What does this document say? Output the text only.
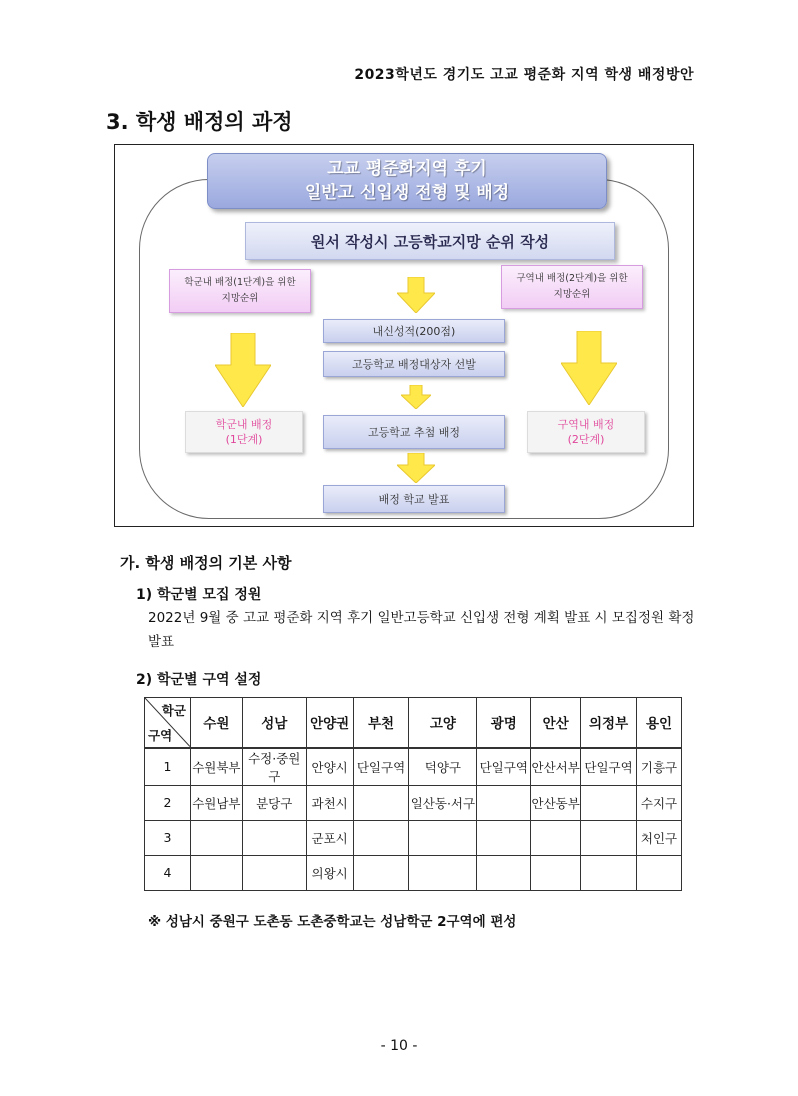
2023학년도 경기도 고교 평준화 지역 학생 배정방안
3. 학생 배정의 과정
고교 평준화지역 후기
일반고 신입생 전형 및 배정
원서 작성시 고등학교지망 순위 작성
학군내 배정(1단계)을 위한
지망순위
구역내 배정(2단계)을 위한
지망순위
내신성적(200점)
고등학교 배정대상자 선발
고등학교 추첨 배정
배정 학교 발표
학군내 배정
(1단계)
구역내 배정
(2단계)
가. 학생 배정의 기본 사항
1) 학군별 모집 정원
2022년 9월 중 고교 평준화 지역 후기 일반고등학교 신입생 전형 계획 발표 시 모집정원 확정 발표
2) 학군별 구역 설정
학군
구역	수원	성남	안양권	부천	고양	광명	안산	의정부	용인
1	수원북부	수정·중원구	안양시	단일구역	덕양구	단일구역	안산서부	단일구역	기흥구
2	수원남부	분당구	과천시		일산동·서구		안산동부		수지구
3			군포시						처인구
4			의왕시						
※ 성남시 중원구 도촌동 도촌중학교는 성남학군 2구역에 편성
- 10 -
